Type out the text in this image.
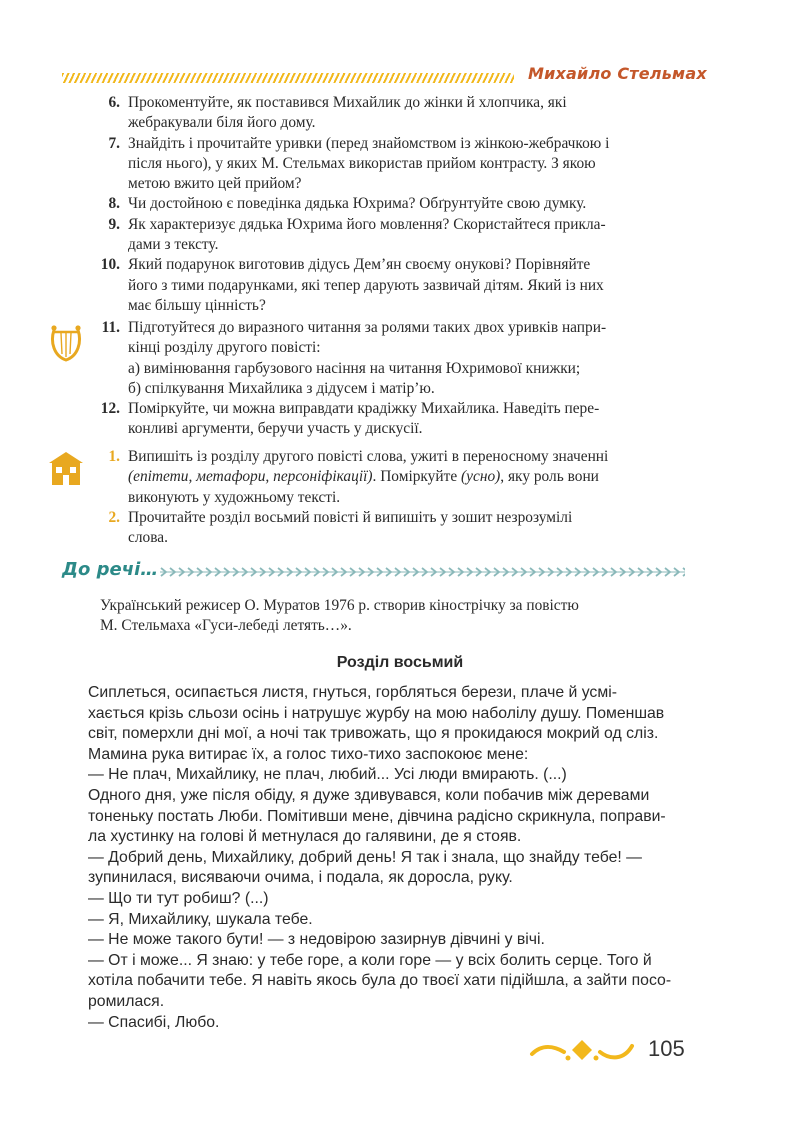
Михайло Стельмах
6. Прокоментуйте, як поставився Михайлик до жінки й хлопчика, які
жебракували біля його дому.
7. Знайдіть і прочитайте уривки (перед знайомством із жінкою-жебрачкою і
після нього), у яких М. Стельмах використав прийом контрасту. З якою
метою вжито цей прийом?
8. Чи достойною є поведінка дядька Юхрима? Обґрунтуйте свою думку.
9. Як характеризує дядька Юхрима його мовлення? Скористайтеся прикла-
дами з тексту.
10. Який подарунок виготовив дідусь Дем’ян своєму онукові? Порівняйте
його з тими подарунками, які тепер дарують зазвичай дітям. Який із них
має більшу цінність?
11. Підготуйтеся до виразного читання за ролями таких двох уривків напри-
кінці розділу другого повісті:
а) вимінювання гарбузового насіння на читання Юхримової книжки;
б) спілкування Михайлика з дідусем і матір’ю.
12. Поміркуйте, чи можна виправдати крадіжку Михайлика. Наведіть пере-
конливі аргументи, беручи участь у дискусії.
1. Випишіть із розділу другого повісті слова, ужиті в переносному значенні
(епітети, метафори, персоніфікації). Поміркуйте (усно), яку роль вони
виконують у художньому тексті.
2. Прочитайте розділ восьмий повісті й випишіть у зошит незрозумілі
слова.
До речі…
Український режисер О. Муратов 1976 р. створив кінострічку за повістю
М. Стельмаха «Гуси-лебеді летять…».
Розділ восьмий
Сиплеться, осипається листя, гнуться, горбляться берези, плаче й усмі-
хається крізь сльози осінь і натрушує журбу на мою наболілу душу. Поменшав
світ, померхли дні мої, а ночі так тривожать, що я прокидаюся мокрий од сліз.
Мамина рука витирає їх, а голос тихо-тихо заспокоює мене:
— Не плач, Михайлику, не плач, любий... Усі люди вмирають. (...)
Одного дня, уже після обіду, я дуже здивувався, коли побачив між деревами
тоненьку постать Люби. Помітивши мене, дівчина радісно скрикнула, поправи-
ла хустинку на голові й метнулася до галявини, де я стояв.
— Добрий день, Михайлику, добрий день! Я так і знала, що знайду тебе! —
зупинилася, висяваючи очима, і подала, як доросла, руку.
— Що ти тут робиш? (...)
— Я, Михайлику, шукала тебе.
— Не може такого бути! — з недовірою зазирнув дівчині у вічі.
— От і може... Я знаю: у тебе горе, а коли горе — у всіх болить серце. Того й
хотіла побачити тебе. Я навіть якось була до твоєї хати підійшла, а зайти посо-
ромилася.
— Спасибі, Любо.
105
